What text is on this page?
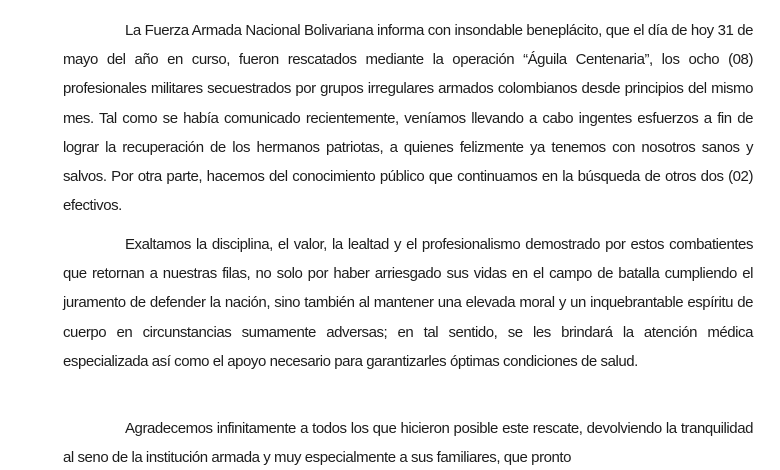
La Fuerza Armada Nacional Bolivariana informa con insondable beneplácito, que el día de hoy 31 de mayo del año en curso, fueron rescatados mediante la operación “Águila Centenaria”, los ocho (08) profesionales militares secuestrados por grupos irregulares armados colombianos desde principios del mismo mes. Tal como se había comunicado recientemente, veníamos llevando a cabo ingentes esfuerzos a fin de lograr la recuperación de los hermanos patriotas, a quienes felizmente ya tenemos con nosotros sanos y salvos. Por otra parte, hacemos del conocimiento público que continuamos en la búsqueda de otros dos (02) efectivos.

Exaltamos la disciplina, el valor, la lealtad y el profesionalismo demostrado por estos combatientes que retornan a nuestras filas, no solo por haber arriesgado sus vidas en el campo de batalla cumpliendo el juramento de defender la nación, sino también al mantener una elevada moral y un inquebrantable espíritu de cuerpo en circunstancias sumamente adversas; en tal sentido, se les brindará la atención médica especializada así como el apoyo necesario para garantizarles óptimas condiciones de salud.

Agradecemos infinitamente a todos los que hicieron posible este rescate, devolviendo la tranquilidad al seno de la institución armada y muy especialmente a sus familiares, que pronto
